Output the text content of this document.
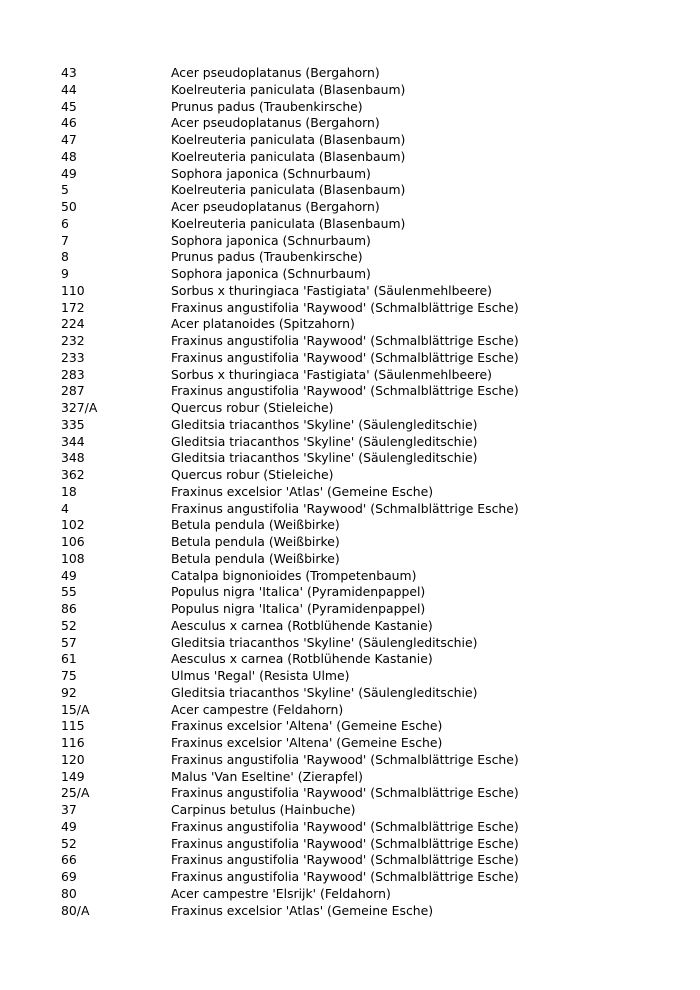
43	Acer pseudoplatanus (Bergahorn)
44	Koelreuteria paniculata (Blasenbaum)
45	Prunus padus (Traubenkirsche)
46	Acer pseudoplatanus (Bergahorn)
47	Koelreuteria paniculata (Blasenbaum)
48	Koelreuteria paniculata (Blasenbaum)
49	Sophora japonica (Schnurbaum)
5	Koelreuteria paniculata (Blasenbaum)
50	Acer pseudoplatanus (Bergahorn)
6	Koelreuteria paniculata (Blasenbaum)
7	Sophora japonica (Schnurbaum)
8	Prunus padus (Traubenkirsche)
9	Sophora japonica (Schnurbaum)
110	Sorbus x thuringiaca 'Fastigiata' (Säulenmehlbeere)
172	Fraxinus angustifolia 'Raywood' (Schmalblättrige Esche)
224	Acer platanoides (Spitzahorn)
232	Fraxinus angustifolia 'Raywood' (Schmalblättrige Esche)
233	Fraxinus angustifolia 'Raywood' (Schmalblättrige Esche)
283	Sorbus x thuringiaca 'Fastigiata' (Säulenmehlbeere)
287	Fraxinus angustifolia 'Raywood' (Schmalblättrige Esche)
327/A	Quercus robur (Stieleiche)
335	Gleditsia triacanthos 'Skyline' (Säulengleditschie)
344	Gleditsia triacanthos 'Skyline' (Säulengleditschie)
348	Gleditsia triacanthos 'Skyline' (Säulengleditschie)
362	Quercus robur (Stieleiche)
18	Fraxinus excelsior 'Atlas' (Gemeine Esche)
4	Fraxinus angustifolia 'Raywood' (Schmalblättrige Esche)
102	Betula pendula (Weißbirke)
106	Betula pendula (Weißbirke)
108	Betula pendula (Weißbirke)
49	Catalpa bignonioides (Trompetenbaum)
55	Populus nigra 'Italica' (Pyramidenpappel)
86	Populus nigra 'Italica' (Pyramidenpappel)
52	Aesculus x carnea (Rotblühende Kastanie)
57	Gleditsia triacanthos 'Skyline' (Säulengleditschie)
61	Aesculus x carnea (Rotblühende Kastanie)
75	Ulmus 'Regal' (Resista Ulme)
92	Gleditsia triacanthos 'Skyline' (Säulengleditschie)
15/A	Acer campestre (Feldahorn)
115	Fraxinus excelsior 'Altena' (Gemeine Esche)
116	Fraxinus excelsior 'Altena' (Gemeine Esche)
120	Fraxinus angustifolia 'Raywood' (Schmalblättrige Esche)
149	Malus 'Van Eseltine' (Zierapfel)
25/A	Fraxinus angustifolia 'Raywood' (Schmalblättrige Esche)
37	Carpinus betulus (Hainbuche)
49	Fraxinus angustifolia 'Raywood' (Schmalblättrige Esche)
52	Fraxinus angustifolia 'Raywood' (Schmalblättrige Esche)
66	Fraxinus angustifolia 'Raywood' (Schmalblättrige Esche)
69	Fraxinus angustifolia 'Raywood' (Schmalblättrige Esche)
80	Acer campestre 'Elsrijk' (Feldahorn)
80/A	Fraxinus excelsior 'Atlas' (Gemeine Esche)
